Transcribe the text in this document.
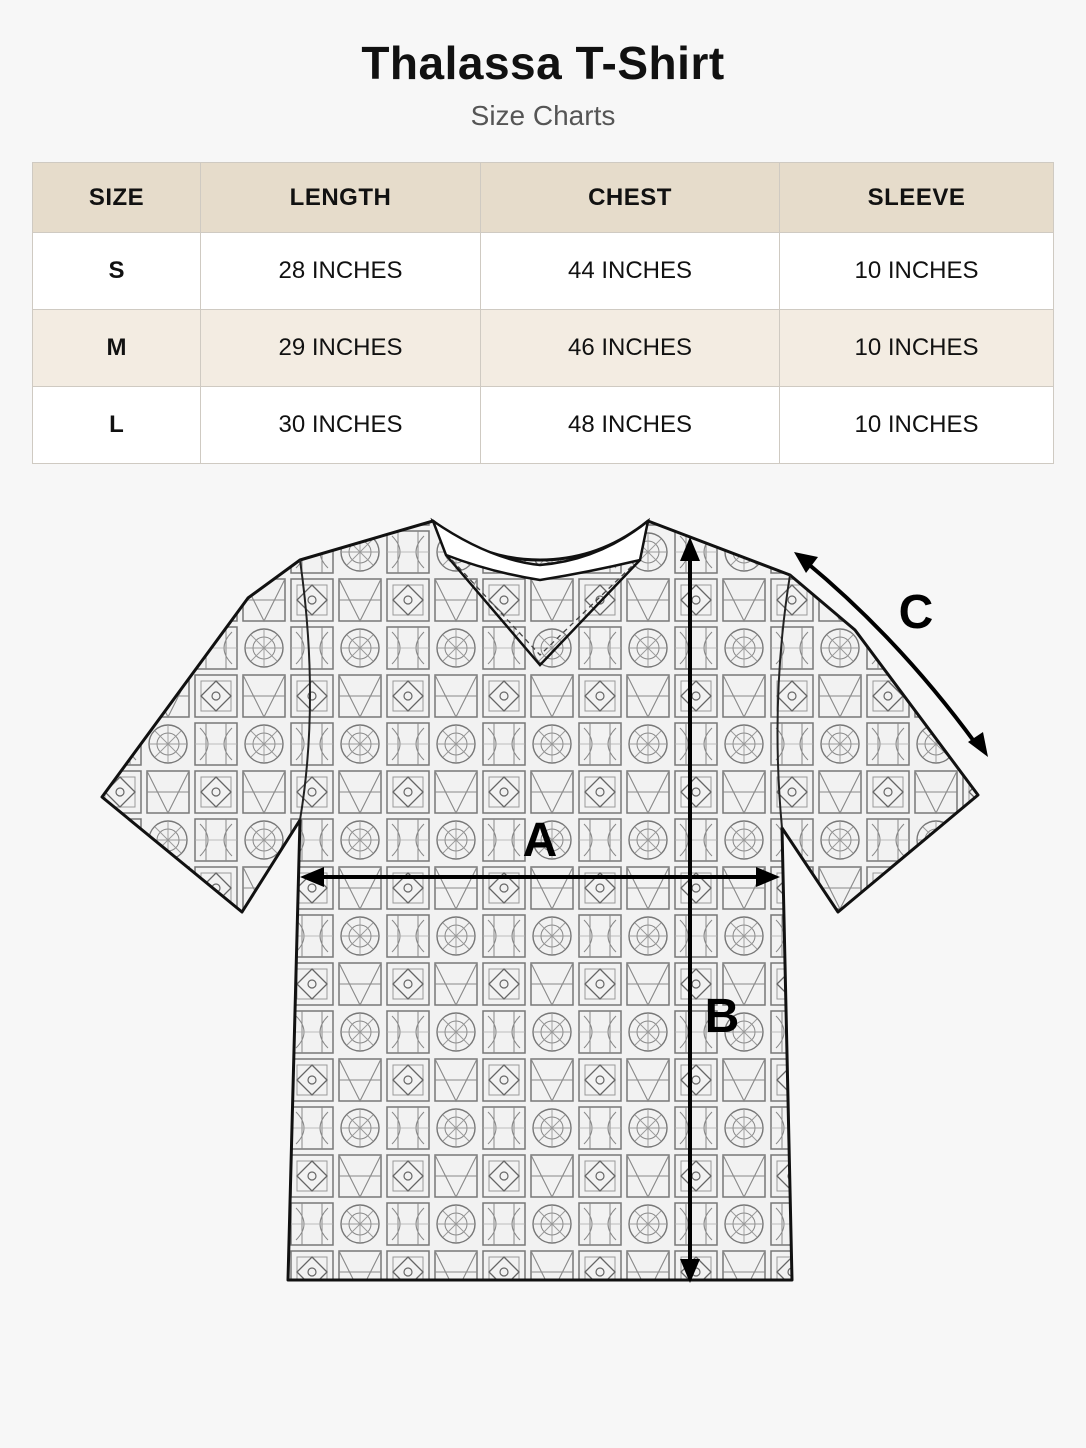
Thalassa T-Shirt
Size Charts
SIZE	LENGTH	CHEST	SLEEVE
S	28 INCHES	44 INCHES	10 INCHES
M	29 INCHES	46 INCHES	10 INCHES
L	30 INCHES	48 INCHES	10 INCHES
A
B
C
